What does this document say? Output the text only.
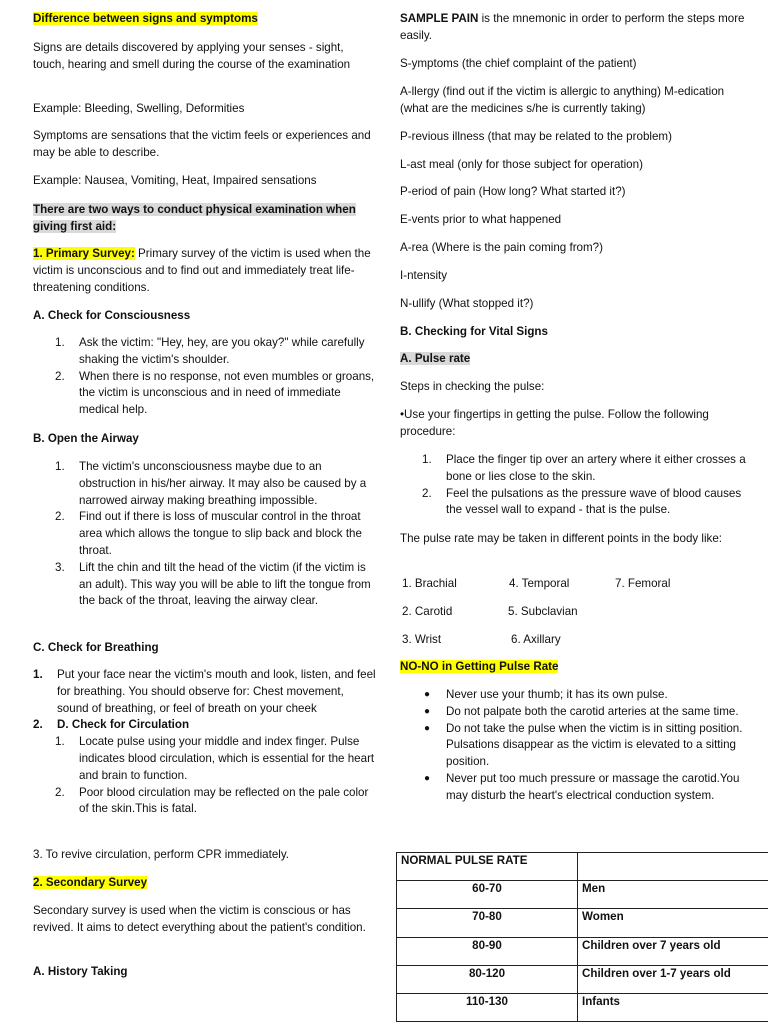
Difference between signs and symptoms
Signs are details discovered by applying your senses - sight, touch, hearing and smell during the course of the examination
Example: Bleeding, Swelling, Deformities
Symptoms are sensations that the victim feels or experiences and may be able to describe.
Example: Nausea, Vomiting, Heat, Impaired sensations
There are two ways to conduct physical examination when giving first aid:
1. Primary Survey: Primary survey of the victim is used when the victim is unconscious and to find out and immediately treat life-threatening conditions.
A. Check for Consciousness
1. Ask the victim: "Hey, hey, are you okay?" while carefully shaking the victim's shoulder.
2. When there is no response, not even mumbles or groans, the victim is unconscious and in need of immediate medical help.
B. Open the Airway
1. The victim's unconsciousness maybe due to an obstruction in his/her airway. It may also be caused by a narrowed airway making breathing impossible.
2. Find out if there is loss of muscular control in the throat area which allows the tongue to slip back and block the throat.
3. Lift the chin and tilt the head of the victim (if the victim is an adult). This way you will be able to lift the tongue from the back of the throat, leaving the airway clear.
C. Check for Breathing
1. Put your face near the victim's mouth and look, listen, and feel for breathing. You should observe for: Chest movement, sound of breathing, or feel of breath on your cheek
2. D. Check for Circulation
1. Locate pulse using your middle and index finger. Pulse indicates blood circulation, which is essential for the heart and brain to function.
2. Poor blood circulation may be reflected on the pale color of the skin.This is fatal.
3. To revive circulation, perform CPR immediately.
2. Secondary Survey
Secondary survey is used when the victim is conscious or has revived. It aims to detect everything about the patient's condition.
A. History Taking
SAMPLE PAIN is the mnemonic in order to perform the steps more easily.
S-ymptoms (the chief complaint of the patient)
A-llergy (find out if the victim is allergic to anything) M-edication (what are the medicines s/he is currently taking)
P-revious illness (that may be related to the problem)
L-ast meal (only for those subject for operation)
P-eriod of pain (How long? What started it?)
E-vents prior to what happened
A-rea (Where is the pain coming from?)
I-ntensity
N-ullify (What stopped it?)
B. Checking for Vital Signs
A. Pulse rate
Steps in checking the pulse:
•Use your fingertips in getting the pulse. Follow the following procedure:
1. Place the finger tip over an artery where it either crosses a bone or lies close to the skin.
2. Feel the pulsations as the pressure wave of blood causes the vessel wall to expand - that is the pulse.
The pulse rate may be taken in different points in the body like:
1. Brachial	4. Temporal	7. Femoral
2. Carotid	5. Subclavian
3. Wrist	6. Axillary
NO-NO in Getting Pulse Rate
● Never use your thumb; it has its own pulse.
● Do not palpate both the carotid arteries at the same time.
● Do not take the pulse when the victim is in sitting position. Pulsations disappear as the victim is elevated to a sitting position.
● Never put too much pressure or massage the carotid.You may disturb the heart's electrical conduction system.
NORMAL PULSE RATE	
60-70	Men
70-80	Women
80-90	Children over 7 years old
80-120	Children over 1-7 years old
110-130	Infants
